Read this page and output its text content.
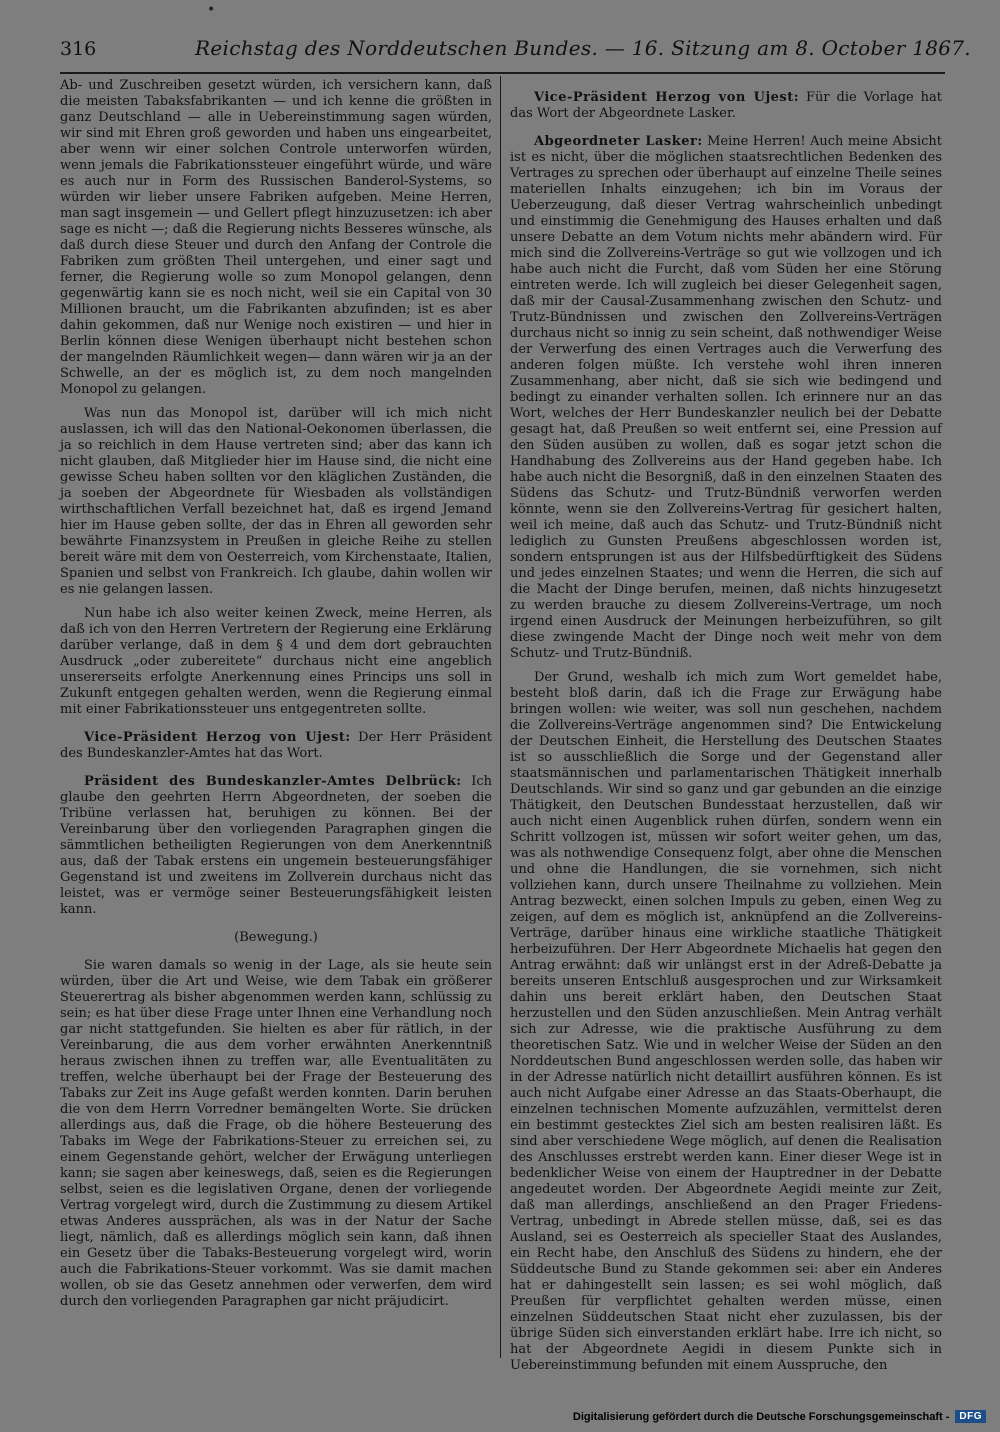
•
316	Reichstag des Norddeutschen Bundes. — 16. Sitzung am 8. October 1867.

Ab- und Zuschreiben gesetzt würden, ich versichern kann, daß die meisten Tabaksfabrikanten — und ich kenne die größten in ganz Deutschland — alle in Uebereinstimmung sagen würden, wir sind mit Ehren groß geworden und haben uns eingearbeitet, aber wenn wir einer solchen Controle unterworfen würden, wenn jemals die Fabrikationssteuer eingeführt würde, und wäre es auch nur in Form des Russischen Banderol-Systems, so würden wir lieber unsere Fabriken aufgeben. Meine Herren, man sagt insgemein — und Gellert pflegt hinzuzusetzen: ich aber sage es nicht —; daß die Regierung nichts Besseres wünsche, als daß durch diese Steuer und durch den Anfang der Controle die Fabriken zum größten Theil untergehen, und einer sagt und ferner, die Regierung wolle so zum Monopol gelangen, denn gegenwärtig kann sie es noch nicht, weil sie ein Capital von 30 Millionen braucht, um die Fabrikanten abzufinden; ist es aber dahin gekommen, daß nur Wenige noch existiren — und hier in Berlin können diese Wenigen überhaupt nicht bestehen schon der mangelnden Räumlichkeit wegen— dann wären wir ja an der Schwelle, an der es möglich ist, zu dem noch mangelnden Monopol zu gelangen.

Was nun das Monopol ist, darüber will ich mich nicht auslassen, ich will das den National-Oekonomen überlassen, die ja so reichlich in dem Hause vertreten sind; aber das kann ich nicht glauben, daß Mitglieder hier im Hause sind, die nicht eine gewisse Scheu haben sollten vor den kläglichen Zuständen, die ja soeben der Abgeordnete für Wiesbaden als vollständigen wirthschaftlichen Verfall bezeichnet hat, daß es irgend Jemand hier im Hause geben sollte, der das in Ehren all geworden sehr bewährte Finanzsystem in Preußen in gleiche Reihe zu stellen bereit wäre mit dem von Oesterreich, vom Kirchenstaate, Italien, Spanien und selbst von Frankreich. Ich glaube, dahin wollen wir es nie gelangen lassen.

Nun habe ich also weiter keinen Zweck, meine Herren, als daß ich von den Herren Vertretern der Regierung eine Erklärung darüber verlange, daß in dem § 4 und dem dort gebrauchten Ausdruck „oder zubereitete“ durchaus nicht eine angeblich unsererseits erfolgte Anerkennung eines Princips uns soll in Zukunft entgegen gehalten werden, wenn die Regierung einmal mit einer Fabrikationssteuer uns entgegentreten sollte.

Vice-Präsident Herzog von Ujest: Der Herr Präsident des Bundeskanzler-Amtes hat das Wort.

Präsident des Bundeskanzler-Amtes Delbrück: Ich glaube den geehrten Herrn Abgeordneten, der soeben die Tribüne verlassen hat, beruhigen zu können. Bei der Vereinbarung über den vorliegenden Paragraphen gingen die sämmtlichen betheiligten Regierungen von dem Anerkenntniß aus, daß der Tabak erstens ein ungemein besteuerungsfähiger Gegenstand ist und zweitens im Zollverein durchaus nicht das leistet, was er vermöge seiner Besteuerungsfähigkeit leisten kann.

(Bewegung.)

Sie waren damals so wenig in der Lage, als sie heute sein würden, über die Art und Weise, wie dem Tabak ein größerer Steuerertrag als bisher abgenommen werden kann, schlüssig zu sein; es hat über diese Frage unter Ihnen eine Verhandlung noch gar nicht stattgefunden. Sie hielten es aber für rätlich, in der Vereinbarung, die aus dem vorher erwähnten Anerkenntniß heraus zwischen ihnen zu treffen war, alle Eventualitäten zu treffen, welche überhaupt bei der Frage der Besteuerung des Tabaks zur Zeit ins Auge gefaßt werden konnten. Darin beruhen die von dem Herrn Vorredner bemängelten Worte. Sie drücken allerdings aus, daß die Frage, ob die höhere Besteuerung des Tabaks im Wege der Fabrikations-Steuer zu erreichen sei, zu einem Gegenstande gehört, welcher der Erwägung unterliegen kann; sie sagen aber keineswegs, daß, seien es die Regierungen selbst, seien es die legislativen Organe, denen der vorliegende Vertrag vorgelegt wird, durch die Zustimmung zu diesem Artikel etwas Anderes aussprächen, als was in der Natur der Sache liegt, nämlich, daß es allerdings möglich sein kann, daß ihnen ein Gesetz über die Tabaks-Besteuerung vorgelegt wird, worin auch die Fabrikations-Steuer vorkommt. Was sie damit machen wollen, ob sie das Gesetz annehmen oder verwerfen, dem wird durch den vorliegenden Paragraphen gar nicht präjudicirt.

Vice-Präsident Herzog von Ujest: Für die Vorlage hat das Wort der Abgeordnete Lasker.

Abgeordneter Lasker: Meine Herren! Auch meine Absicht ist es nicht, über die möglichen staatsrechtlichen Bedenken des Vertrages zu sprechen oder überhaupt auf einzelne Theile seines materiellen Inhalts einzugehen; ich bin im Voraus der Ueberzeugung, daß dieser Vertrag wahrscheinlich unbedingt und einstimmig die Genehmigung des Hauses erhalten und daß unsere Debatte an dem Votum nichts mehr abändern wird. Für mich sind die Zollvereins-Verträge so gut wie vollzogen und ich habe auch nicht die Furcht, daß vom Süden her eine Störung eintreten werde. Ich will zugleich bei dieser Gelegenheit sagen, daß mir der Causal-Zusammenhang zwischen den Schutz- und Trutz-Bündnissen und zwischen den Zollvereins-Verträgen durchaus nicht so innig zu sein scheint, daß nothwendiger Weise der Verwerfung des einen Vertrages auch die Verwerfung des anderen folgen müßte. Ich verstehe wohl ihren inneren Zusammenhang, aber nicht, daß sie sich wie bedingend und bedingt zu einander verhalten sollen. Ich erinnere nur an das Wort, welches der Herr Bundeskanzler neulich bei der Debatte gesagt hat, daß Preußen so weit entfernt sei, eine Pression auf den Süden ausüben zu wollen, daß es sogar jetzt schon die Handhabung des Zollvereins aus der Hand gegeben habe. Ich habe auch nicht die Besorgniß, daß in den einzelnen Staaten des Südens das Schutz- und Trutz-Bündniß verworfen werden könnte, wenn sie den Zollvereins-Vertrag für gesichert halten, weil ich meine, daß auch das Schutz- und Trutz-Bündniß nicht lediglich zu Gunsten Preußens abgeschlossen worden ist, sondern entsprungen ist aus der Hilfsbedürftigkeit des Südens und jedes einzelnen Staates; und wenn die Herren, die sich auf die Macht der Dinge berufen, meinen, daß nichts hinzugesetzt zu werden brauche zu diesem Zollvereins-Vertrage, um noch irgend einen Ausdruck der Meinungen herbeizuführen, so gilt diese zwingende Macht der Dinge noch weit mehr von dem Schutz- und Trutz-Bündniß.

Der Grund, weshalb ich mich zum Wort gemeldet habe, besteht bloß darin, daß ich die Frage zur Erwägung habe bringen wollen: wie weiter, was soll nun geschehen, nachdem die Zollvereins-Verträge angenommen sind? Die Entwickelung der Deutschen Einheit, die Herstellung des Deutschen Staates ist so ausschließlich die Sorge und der Gegenstand aller staatsmännischen und parlamentarischen Thätigkeit innerhalb Deutschlands. Wir sind so ganz und gar gebunden an die einzige Thätigkeit, den Deutschen Bundesstaat herzustellen, daß wir auch nicht einen Augenblick ruhen dürfen, sondern wenn ein Schritt vollzogen ist, müssen wir sofort weiter gehen, um das, was als nothwendige Consequenz folgt, aber ohne die Menschen und ohne die Handlungen, die sie vornehmen, sich nicht vollziehen kann, durch unsere Theilnahme zu vollziehen. Mein Antrag bezweckt, einen solchen Impuls zu geben, einen Weg zu zeigen, auf dem es möglich ist, anknüpfend an die Zollvereins-Verträge, darüber hinaus eine wirkliche staatliche Thätigkeit herbeizuführen. Der Herr Abgeordnete Michaelis hat gegen den Antrag erwähnt: daß wir unlängst erst in der Adreß-Debatte ja bereits unseren Entschluß ausgesprochen und zur Wirksamkeit dahin uns bereit erklärt haben, den Deutschen Staat herzustellen und den Süden anzuschließen. Mein Antrag verhält sich zur Adresse, wie die praktische Ausführung zu dem theoretischen Satz. Wie und in welcher Weise der Süden an den Norddeutschen Bund angeschlossen werden solle, das haben wir in der Adresse natürlich nicht detaillirt ausführen können. Es ist auch nicht Aufgabe einer Adresse an das Staats-Oberhaupt, die einzelnen technischen Momente aufzuzählen, vermittelst deren ein bestimmt gestecktes Ziel sich am besten realisiren läßt. Es sind aber verschiedene Wege möglich, auf denen die Realisation des Anschlusses erstrebt werden kann. Einer dieser Wege ist in bedenklicher Weise von einem der Hauptredner in der Debatte angedeutet worden. Der Abgeordnete Aegidi meinte zur Zeit, daß man allerdings, anschließend an den Prager Friedens-Vertrag, unbedingt in Abrede stellen müsse, daß, sei es das Ausland, sei es Oesterreich als specieller Staat des Auslandes, ein Recht habe, den Anschluß des Südens zu hindern, ehe der Süddeutsche Bund zu Stande gekommen sei: aber ein Anderes hat er dahingestellt sein lassen; es sei wohl möglich, daß Preußen für verpflichtet gehalten werden müsse, einen einzelnen Süddeutschen Staat nicht eher zuzulassen, bis der übrige Süden sich einverstanden erklärt habe. Irre ich nicht, so hat der Abgeordnete Aegidi in diesem Punkte sich in Uebereinstimmung befunden mit einem Ausspruche, den

Digitalisierung gefördert durch die Deutsche Forschungsgemeinschaft -	DFG
